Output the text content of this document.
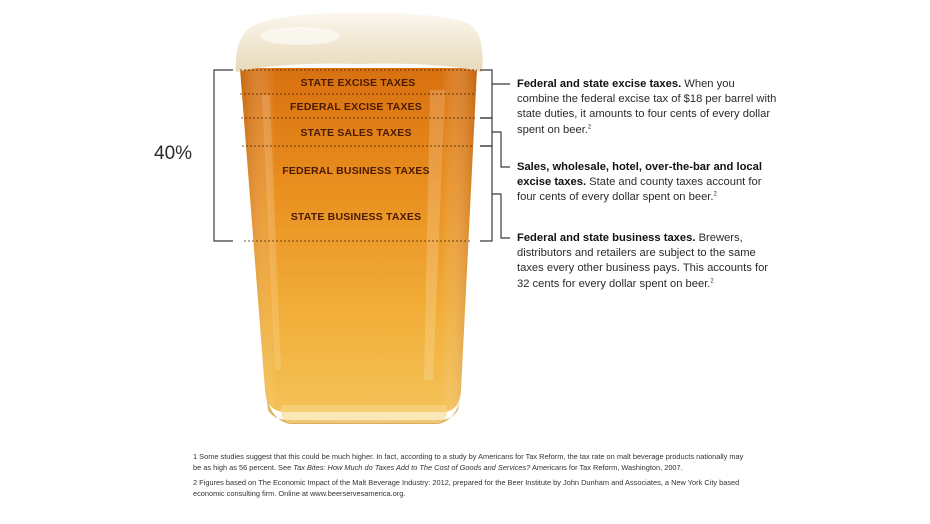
STATE EXCISE TAXES
FEDERAL EXCISE TAXES
STATE SALES TAXES
FEDERAL BUSINESS TAXES
STATE BUSINESS TAXES
40%
Federal and state excise taxes. When you combine the federal excise tax of $18 per barrel with state duties, it amounts to four cents of every dollar spent on beer.$^2$
Sales, wholesale, hotel, over-the-bar and local excise taxes. State and county taxes account for four cents of every dollar spent on beer.$^2$
Federal and state business taxes. Brewers, distributors and retailers are subject to the same taxes every other business pays. This accounts for 32 cents for every dollar spent on beer.$^2$

1 Some studies suggest that this could be much higher. In fact, according to a study by Americans for Tax Reform, the tax rate on malt beverage products nationally may be as high as 56 percent. See Tax Bites: How Much do Taxes Add to The Cost of Goods and Services? Americans for Tax Reform, Washington, 2007.

2 Figures based on The Economic Impact of the Malt Beverage Industry: 2012, prepared for the Beer Institute by John Dunham and Associates, a New York City based economic consulting firm. Online at www.beerservesamerica.org.
